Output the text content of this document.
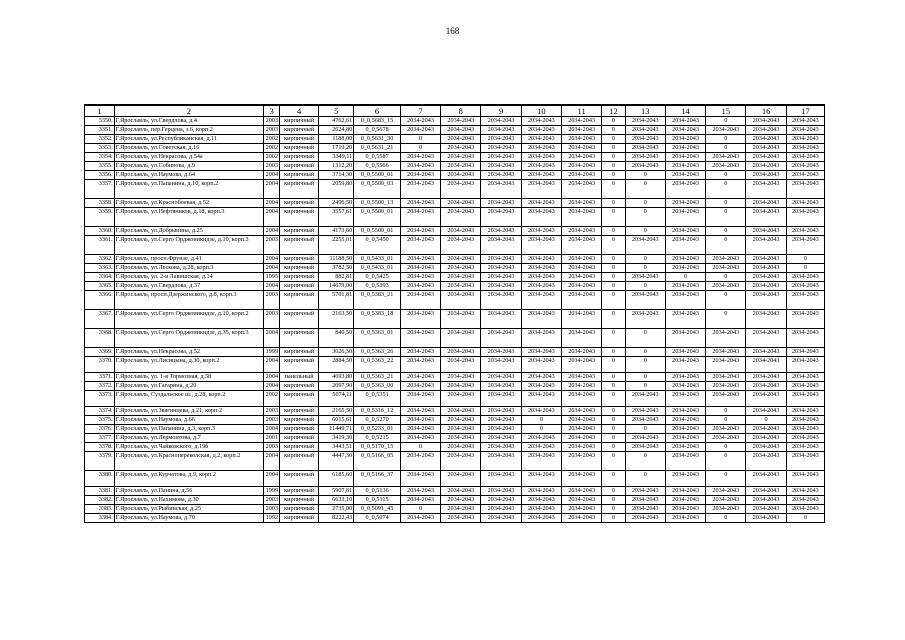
168
1	2	3	4	5	6	7	8	9	10	11	12	13	14	15	16	17
3350.	Г.Ярославль, ул.Свердлова, д.4	2003	кирпичный	4762,61	0_0,5683_15	2034-2043	2034-2043	2034-2043	2034-2043	2034-2043	0	2034-2043	2034-2043	0	2034-2043	2034-2043
3351.	Г.Ярославль, пер.Герцена, з.6, корп.2	2003	кирпичный	2624,80	0_0,5678	2034-2043	2034-2043	2034-2043	2034-2043	2034-2043	0	2034-2043	2034-2043	2034-2043	2034-2043	2034-2043
3352.	Г.Ярославль, ул.Республиканская, д.11	2002	кирпичный	1188,00	0_0,5631_30	0	2034-2043	2034-2043	2034-2043	2034-2043	0	2034-2043	2034-2043	0	2034-2043	2034-2043
3353.	Г.Ярославль, ул.Советская, д.16	2002	кирпичный	1719,20	0_0,5631_21	0	2034-2043	2034-2043	2034-2043	2034-2043	0	2034-2043	2034-2043	0	2034-2043	2034-2043
3354.	Г.Ярославль, ул.Некрасова, д.54а	2002	кирпичный	3349,11	0_0,5587	2034-2043	2034-2043	2034-2043	2034-2043	2034-2043	0	2034-2043	2034-2043	2034-2043	2034-2043	2034-2043
3355.	Г.Ярославль, ул.Собинова, д.9	2003	кирпичный	1312,20	0_0,5566	2034-2043	2034-2043	2034-2043	2034-2043	2034-2043	0	2034-2043	2034-2043	2034-2043	2034-2043	2034-2043
3356.	Г.Ярославль, ул.Наумова, д.64	2004	кирпичный	3714,30	0_0,5500_01	2034-2043	2034-2043	2034-2043	2034-2043	2034-2043	0	0	2034-2043	0	2034-2043	2034-2043
3357.	Г.Ярославль, ул.Папанина, д.10, корп.2	2004	кирпичный	2059,80	0_0,5500_03	2034-2043	2034-2043	2034-2043	2034-2043	2034-2043	0	0	2034-2043	0	2034-2043	2034-2043
3358.	Г.Ярославль, ул.Краснобоевая, д.52	2004	кирпичный	2496,50	0_0,5500_13	2034-2043	2034-2043	2034-2043	2034-2043	2034-2043	0	0	2034-2043	0	2034-2043	2034-2043
3359.	Г.Ярославль, ул.Нефтяников, д.18, корп.3	2004	кирпичный	3557,61	0_0,5500_01	2034-2043	2034-2043	2034-2043	2034-2043	2034-2043	0	0	2034-2043	0	2034-2043	2034-2043
3360.	Г.Ярославль, ул.Добрынина, д.25	2004	кирпичный	4173,60	0_0,5500_01	2034-2043	2034-2043	2034-2043	2034-2043	2034-2043	0	0	2034-2043	0	2034-2043	2034-2043
3361.	Г.Ярославль, ул.Серго Орджоникидзе, д.10, корп.3	2003	кирпичный	2255,01	0_0,5450	2034-2043	2034-2043	2034-2043	2034-2043	2034-2043	0	2034-2043	2034-2043	0	2034-2043	2034-2043
3362.	Г.Ярославль, просп.Фрунзе, д.41	2004	кирпичный	11188,50	0_0,5433_01	2034-2043	2034-2043	2034-2043	2034-2043	2034-2043	0	0	2034-2043	2034-2043	2034-2043	0
3363.	Г.Ярославль, ул.Лескова, д.28, корп.3	2004	кирпичный	3782,50	0_0,5433_01	2034-2043	2034-2043	2034-2043	2034-2043	2034-2043	0	0	2034-2043	2034-2043	2034-2043	0
3364.	Г.Ярославль, ул. 2-я Лавишская, д.14	1995	кирпичный	882,81	0_0,5425	2034-2043	2034-2043	2034-2043	2034-2043	2034-2043	0	2034-2043	0	0	2034-2043	2034-2043
3365.	Г.Ярославль, ул.Свердлова, д.37	2004	кирпичный	14679,00	0_0,5393	2034-2043	2034-2043	2034-2043	2034-2043	2034-2043	0	0	2034-2043	2034-2043	2034-2043	2034-2043
3366.	Г.Ярославль, просп.Дзержинского, д.8, корп.3	2003	кирпичный	5701,81	0_0,5383_21	2034-2043	2034-2043	2034-2043	2034-2043	2034-2043	0	2034-2043	2034-2043	0	2034-2043	2034-2043
3367.	Г.Ярославль, ул.Серго Орджоникидзе, д.10, корп.2	2003	кирпичный	2163,50	0_0,5383_18	2034-2043	2034-2043	2034-2043	2034-2043	2034-2043	0	2034-2043	2034-2043	0	2034-2043	2034-2043
3368.	Г.Ярославль, ул.Серго Орджоникидзе, д.35, корп.3	2004	кирпичный	840,50	0_0,5363_01	2034-2043	2034-2043	2034-2043	2034-2043	2034-2043	0	0	2034-2043	2034-2043	2034-2043	2034-2043
3369.	Г.Ярославль, ул.Некрасова, д.52	1999	кирпичный	3026,50	0_0,5363_26	2034-2043	2034-2043	2034-2043	2034-2043	2034-2043	0	0	2034-2043	2034-2043	2034-2043	2034-2043
3370.	Г.Ярославль, ул.Лисицына, д.30, корп.2	2004	кирпичный	2884,50	0_0,5363_22	2034-2043	2034-2043	2034-2043	2034-2043	2034-2043	0	0	2034-2043	2034-2043	2034-2043	2034-2043
3371.	Г.Ярославль, ул. 1-я Тормозная, д.58	2004	панельный	4693,80	0_0,5363_21	2034-2043	2034-2043	2034-2043	2034-2043	2034-2043	0	0	2034-2043	2034-2043	2034-2043	2034-2043
3372.	Г.Ярославль, ул.Гагарина, д.20	2004	кирпичный	2097,90	0_0,5363_00	2034-2043	2034-2043	2034-2043	2034-2043	2034-2043	0	0	2034-2043	2034-2043	2034-2043	2034-2043
3373.	Г.Ярославль, Суздальское ш., д.28, корп.2	2002	кирпичный	5074,11	0_0,5351	2034-2043	2034-2043	2034-2043	2034-2043	2034-2043	0	2034-2043	2034-2043	2034-2043	2034-2043	2034-2043
3374.	Г.Ярославль, ул.Звягинцева, д.21, корп.2	2003	кирпичный	2165,50	0_0,5316_12	2034-2043	2034-2043	2034-2043	2034-2043	2034-2043	0	2034-2043	2034-2043	0	2034-2043	2034-2043
3375.	Г.Ярославль, ул.Наумова, д.66	2003	кирпичный	6015,61	0_0,5270	2034-2043	2034-2043	2034-2043	0	2034-2043	0	2034-2043	2034-2043	0	0	2034-2043
3376.	Г.Ярославль, ул.Папанина, д.3, корп.3	2004	кирпичный	11449,71	0_0,5233_01	2034-2043	2034-2043	2034-2043	0	2034-2043	0	0	2034-2043	2034-2043	2034-2043	2034-2043
3377.	Г.Ярославль, ул.Лермонтова, д.7	2001	кирпичный	3419,30	0_0,5215	2034-2043	2034-2043	2034-2043	2034-2043	2034-2043	0	2034-2043	2034-2043	2034-2043	2034-2043	2034-2043
3378.	Г.Ярославль, ул.Чайковского, д.19б	2003	кирпичный	3443,51	0_0,5170_15	0	2034-2043	2034-2043	2034-2043	2034-2043	0	2034-2043	2034-2043	0	2034-2043	2034-2043
3379.	Г.Ярославль, ул.Краснопереколская, д.2, корп.2	2004	кирпичный	4447,30	0_0,5166_05	2034-2043	2034-2043	2034-2043	2034-2043	2034-2043	0	0	2034-2043	0	2034-2043	2034-2043
3380.	Г.Ярославль, ул.Курчатова, д.9, корп.2	2004	кирпичный	6185,60	0_0,5166_37	2034-2043	2034-2043	2034-2043	2034-2043	2034-2043	0	0	2034-2043	0	2034-2043	2034-2043
3381.	Г.Ярославль, ул.Панина, д.56	1999	кирпичный	5907,81	0_0,5136	2034-2043	2034-2043	2034-2043	2034-2043	2034-2043	0	2034-2043	2034-2043	2034-2043	2034-2043	2034-2043
3382.	Г.Ярославль, ул.Нахимова, д.30	2003	кирпичный	6633,10	0_0,5115	2034-2043	2034-2043	2034-2043	2034-2043	2034-2043	0	2034-2043	2034-2043	2034-2043	2034-2043	2034-2043
3383.	Г.Ярославль, ул.Рыбинская, д.25	2003	кирпичный	2735,00	0_0,5091_45	0	2034-2043	2034-2043	2034-2043	2034-2043	0	2034-2043	2034-2043	2034-2043	2034-2043	2034-2043
3384.	Г.Ярославль, ул.Наумова, д.70	1992	кирпичный	8222,43	0_0,5074	2034-2043	2034-2043	2034-2043	2034-2043	2034-2043	0	2034-2043	2034-2043	0	2034-2043	0
